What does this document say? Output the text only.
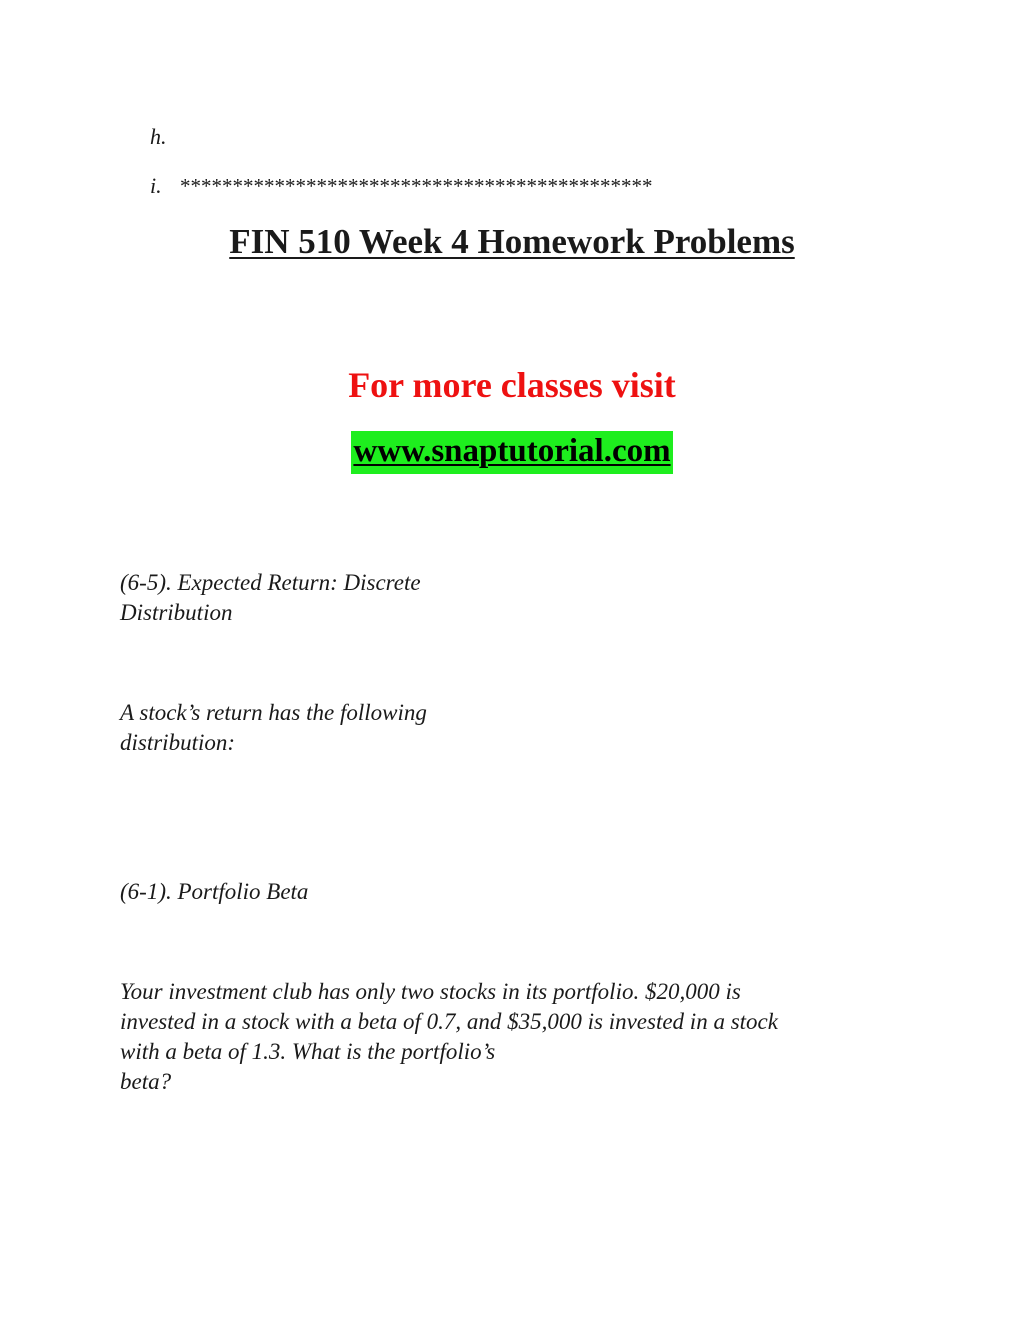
h.
i. *********************************************
FIN 510 Week 4 Homework Problems
For more classes visit
www.snaptutorial.com
(6-5). Expected Return: Discrete
Distribution
A stock’s return has the following
distribution:
(6-1). Portfolio Beta
Your investment club has only two stocks in its portfolio. $20,000 is
invested in a stock with a beta of 0.7, and $35,000 is invested in a stock
with a beta of 1.3. What is the portfolio’s
beta?
